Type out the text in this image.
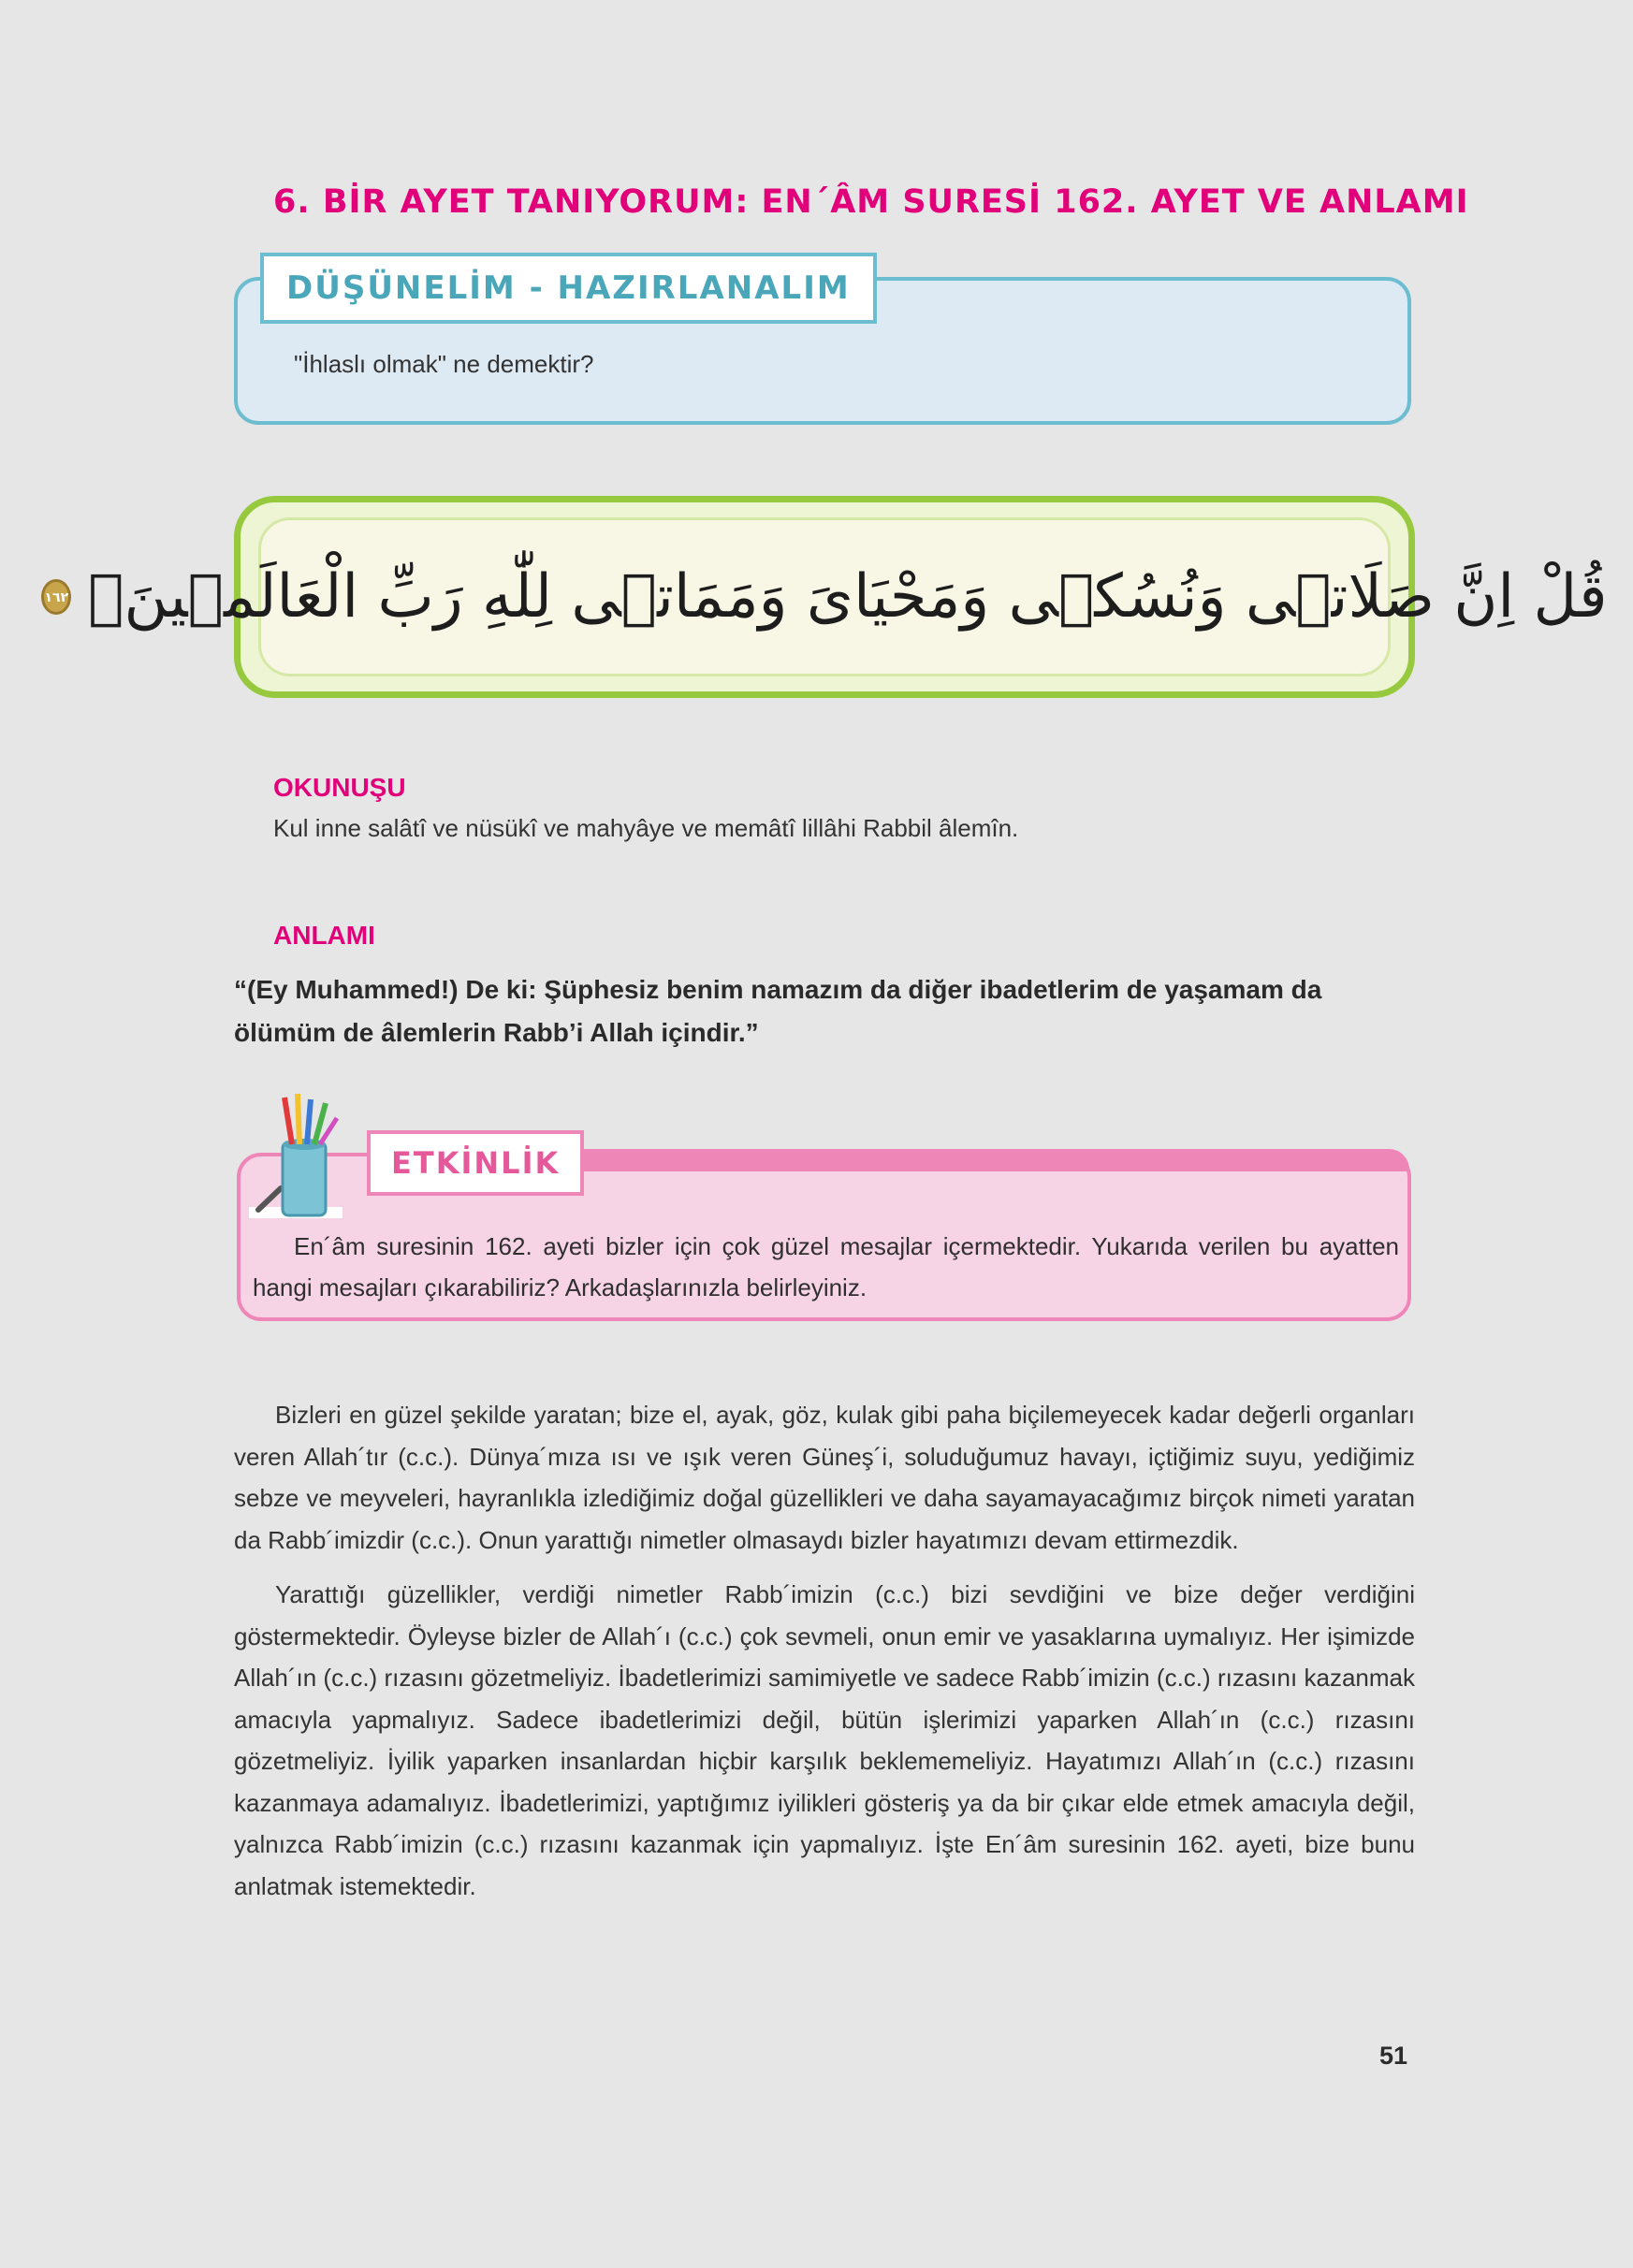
6. BİR AYET TANIYORUM: EN´ÂM SURESİ 162. AYET VE ANLAMI
DÜŞÜNELİM - HAZIRLANALIM
"İhlaslı olmak" ne demektir?
١٦٢ قُلْ اِنَّ صَلَاتٖى وَنُسُكٖى وَمَحْيَاىَ وَمَمَاتٖى لِلّٰهِ رَبِّ الْعَالَمٖينَۙ
OKUNUŞU
Kul inne salâtî ve nüsükî ve mahyâye ve memâtî lillâhi Rabbil âlemîn.
ANLAMI
“(Ey Muhammed!) De ki: Şüphesiz benim namazım da diğer ibadetlerim de yaşamam da ölümüm de âlemlerin Rabb’i Allah içindir.”
ETKİNLİK
En´âm suresinin 162. ayeti bizler için çok güzel mesajlar içermektedir. Yukarıda verilen bu ayatten hangi mesajları çıkarabiliriz? Arkadaşlarınızla belirleyiniz.

Bizleri en güzel şekilde yaratan; bize el, ayak, göz, kulak gibi paha biçilemeyecek kadar değerli organları veren Allah´tır (c.c.). Dünya´mıza ısı ve ışık veren Güneş´i, soluduğumuz havayı, içtiğimiz suyu, yediğimiz sebze ve meyveleri, hayranlıkla izlediğimiz doğal güzellikleri ve daha sayamayacağımız birçok nimeti yaratan da Rabb´imizdir (c.c.). Onun yarattığı nimetler olmasaydı bizler hayatımızı devam ettirmezdik.

Yarattığı güzellikler, verdiği nimetler Rabb´imizin (c.c.) bizi sevdiğini ve bize değer verdiğini göstermektedir. Öyleyse bizler de Allah´ı (c.c.) çok sevmeli, onun emir ve yasaklarına uymalıyız. Her işimizde Allah´ın (c.c.) rızasını gözetmeliyiz. İbadetlerimizi samimiyetle ve sadece Rabb´imizin (c.c.) rızasını kazanmak amacıyla yapmalıyız. Sadece ibadetlerimizi değil, bütün işlerimizi yaparken Allah´ın (c.c.) rızasını gözetmeliyiz. İyilik yaparken insanlardan hiçbir karşılık beklememeliyiz. Hayatımızı Allah´ın (c.c.) rızasını kazanmaya adamalıyız. İbadetlerimizi, yaptığımız iyilikleri gösteriş ya da bir çıkar elde etmek amacıyla değil, yalnızca Rabb´imizin (c.c.) rızasını kazanmak için yapmalıyız. İşte En´âm suresinin 162. ayeti, bize bunu anlatmak istemektedir.

51
